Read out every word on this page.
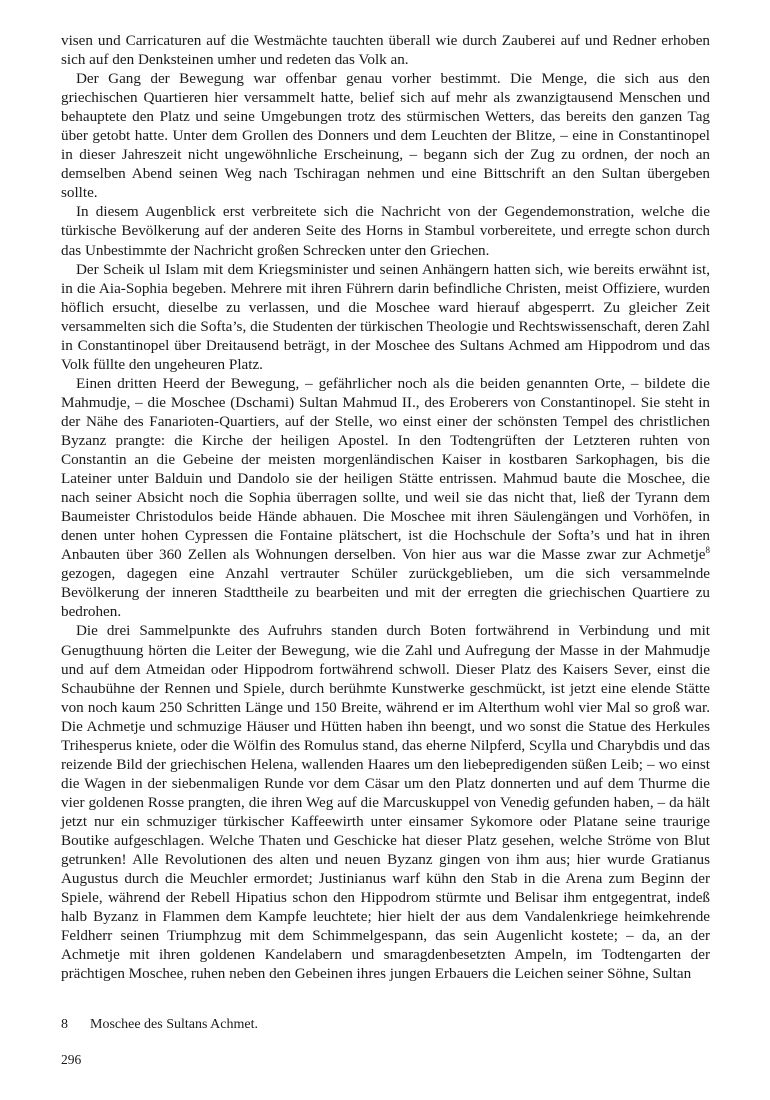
visen und Carricaturen auf die Westmächte tauchten überall wie durch Zauberei auf und Redner erhoben sich auf den Denksteinen umher und redeten das Volk an.

Der Gang der Bewegung war offenbar genau vorher bestimmt. Die Menge, die sich aus den griechischen Quartieren hier versammelt hatte, belief sich auf mehr als zwanzigtausend Menschen und behauptete den Platz und seine Umgebungen trotz des stürmischen Wetters, das bereits den ganzen Tag über getobt hatte. Unter dem Grollen des Donners und dem Leuchten der Blitze, – eine in Constantinopel in dieser Jahreszeit nicht ungewöhnliche Erscheinung, – begann sich der Zug zu ordnen, der noch an demselben Abend seinen Weg nach Tschiragan nehmen und eine Bittschrift an den Sultan übergeben sollte.

In diesem Augenblick erst verbreitete sich die Nachricht von der Gegendemonstration, welche die türkische Bevölkerung auf der anderen Seite des Horns in Stambul vorbereitete, und erregte schon durch das Unbestimmte der Nachricht großen Schrecken unter den Griechen.

Der Scheik ul Islam mit dem Kriegsminister und seinen Anhängern hatten sich, wie bereits erwähnt ist, in die Aia-Sophia begeben. Mehrere mit ihren Führern darin befindliche Christen, meist Offiziere, wurden höflich ersucht, dieselbe zu verlassen, und die Moschee ward hierauf abgesperrt. Zu gleicher Zeit versammelten sich die Softa’s, die Studenten der türkischen Theologie und Rechtswissenschaft, deren Zahl in Constantinopel über Dreitausend beträgt, in der Moschee des Sultans Achmed am Hippodrom und das Volk füllte den ungeheuren Platz.

Einen dritten Heerd der Bewegung, – gefährlicher noch als die beiden genannten Orte, – bildete die Mahmudje, – die Moschee (Dschami) Sultan Mahmud II., des Eroberers von Constantinopel. Sie steht in der Nähe des Fanarioten-Quartiers, auf der Stelle, wo einst einer der schönsten Tempel des christlichen Byzanz prangte: die Kirche der heiligen Apostel. In den Todtengrüften der Letzteren ruhten von Constantin an die Gebeine der meisten morgenländischen Kaiser in kostbaren Sarkophagen, bis die Lateiner unter Balduin und Dandolo sie der heiligen Stätte entrissen. Mahmud baute die Moschee, die nach seiner Absicht noch die Sophia überragen sollte, und weil sie das nicht that, ließ der Tyrann dem Baumeister Christodulos beide Hände abhauen. Die Moschee mit ihren Säulengängen und Vorhöfen, in denen unter hohen Cypressen die Fontaine plätschert, ist die Hochschule der Softa’s und hat in ihren Anbauten über 360 Zellen als Wohnungen derselben. Von hier aus war die Masse zwar zur Achmetje$^8$ gezogen, dagegen eine Anzahl vertrauter Schüler zurückgeblieben, um die sich versammelnde Bevölkerung der inneren Stadttheile zu bearbeiten und mit der erregten die griechischen Quartiere zu bedrohen.

Die drei Sammelpunkte des Aufruhrs standen durch Boten fortwährend in Verbindung und mit Genugthuung hörten die Leiter der Bewegung, wie die Zahl und Aufregung der Masse in der Mahmudje und auf dem Atmeidan oder Hippodrom fortwährend schwoll. Dieser Platz des Kaisers Sever, einst die Schaubühne der Rennen und Spiele, durch berühmte Kunstwerke geschmückt, ist jetzt eine elende Stätte von noch kaum 250 Schritten Länge und 150 Breite, während er im Alterthum wohl vier Mal so groß war. Die Achmetje und schmuzige Häuser und Hütten haben ihn beengt, und wo sonst die Statue des Herkules Trihesperus kniete, oder die Wölfin des Romulus stand, das eherne Nilpferd, Scylla und Charybdis und das reizende Bild der griechischen Helena, wallenden Haares um den liebepredigenden süßen Leib; – wo einst die Wagen in der siebenmaligen Runde vor dem Cäsar um den Platz donnerten und auf dem Thurme die vier goldenen Rosse prangten, die ihren Weg auf die Marcuskuppel von Venedig gefunden haben, – da hält jetzt nur ein schmuziger türkischer Kaffeewirth unter einsamer Sykomore oder Platane seine traurige Boutike aufgeschlagen. Welche Thaten und Geschicke hat dieser Platz gesehen, welche Ströme von Blut getrunken! Alle Revolutionen des alten und neuen Byzanz gingen von ihm aus; hier wurde Gratianus Augustus durch die Meuchler ermordet; Justinianus warf kühn den Stab in die Arena zum Beginn der Spiele, während der Rebell Hipatius schon den Hippodrom stürmte und Belisar ihm entgegentrat, indeß halb Byzanz in Flammen dem Kampfe leuchtete; hier hielt der aus dem Vandalenkriege heimkehrende Feldherr seinen Triumphzug mit dem Schimmelgespann, das sein Augenlicht kostete; – da, an der Achmetje mit ihren goldenen Kandelabern und smaragdenbesetzten Ampeln, im Todtengarten der prächtigen Moschee, ruhen neben den Gebeinen ihres jungen Erbauers die Leichen seiner Söhne, Sultan

8	Moschee des Sultans Achmet.
296
